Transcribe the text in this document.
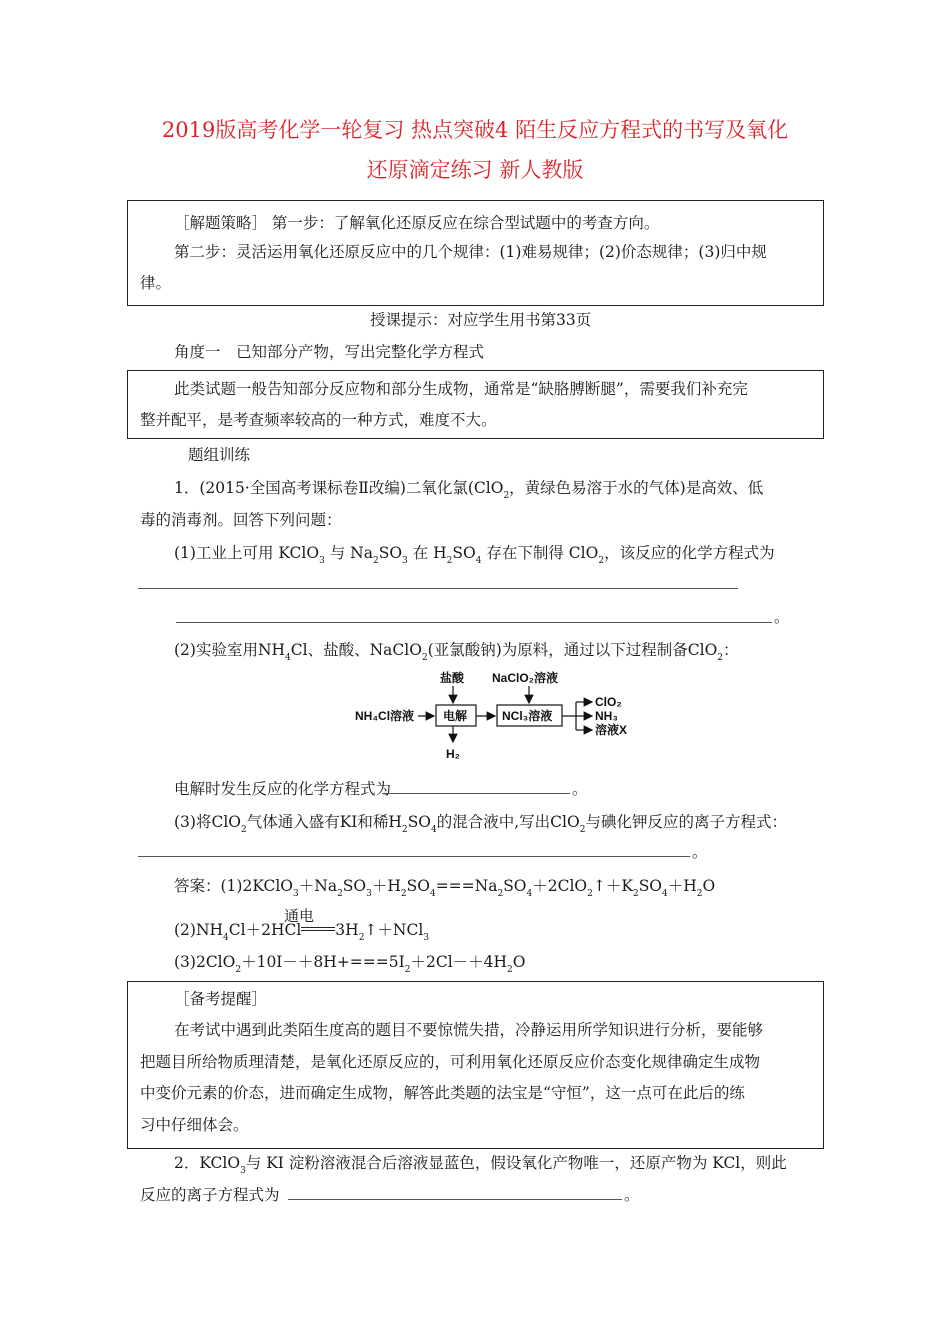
2019版高考化学一轮复习 热点突破4 陌生反应方程式的书写及氧化
还原滴定练习 新人教版
［解题策略］ 第一步：了解氧化还原反应在综合型试题中的考查方向。
第二步：灵活运用氧化还原反应中的几个规律：(1)难易规律；(2)价态规律；(3)归中规
律。
授课提示：对应学生用书第33页
角度一　已知部分产物，写出完整化学方程式
此类试题一般告知部分反应物和部分生成物，通常是“缺胳膊断腿”，需要我们补充完
整并配平，是考查频率较高的一种方式，难度不大。
题组训练
1．(2015·全国高考课标卷Ⅱ改编)二氧化氯(ClO$_2$，黄绿色易溶于水的气体)是高效、低
毒的消毒剂。回答下列问题：
(1)工业上可用 KClO$_3$ 与 $Na_2SO_3$ 在 $H_2SO_4$ 存在下制得 ClO$_2$，该反应的化学方程式为
。
(2)实验室用$NH_4Cl$、盐酸、NaClO$_2$(亚氯酸钠)为原料，通过以下过程制备ClO$_2$：
盐酸 NaClO₂溶液
NH₄Cl溶液 电解	NCl₃溶液
H₂
ClO₂
NH₃
溶液X
电解时发生反应的化学方程式为	。
(3)将ClO$_2$气体通入盛有KI和稀$H_2SO_4$的混合液中,写出ClO$_2$与碘化钾反应的离子方程式：
。
答案：$(1)2KClO_3+Na_2SO_3+H_2SO_4===Na_2SO_4+2ClO_2↑+K_2SO_4+H_2O$
通电
$(2)NH_4Cl+2HCl$ $3H_2↑+NCl_3$
$(3)2ClO_2+10I-+8H+===5I_2+2Cl-+4H_2O$
［备考提醒］
在考试中遇到此类陌生度高的题目不要惊慌失措，冷静运用所学知识进行分析，要能够
把题目所给物质理清楚，是氧化还原反应的，可利用氧化还原反应价态变化规律确定生成物
中变价元素的价态，进而确定生成物，解答此类题的法宝是“守恒”，这一点可在此后的练
习中仔细体会。
2．KClO$_3$与 KI 淀粉溶液混合后溶液显蓝色，假设氧化产物唯一，还原产物为 KCl，则此
反应的离子方程式为	。
